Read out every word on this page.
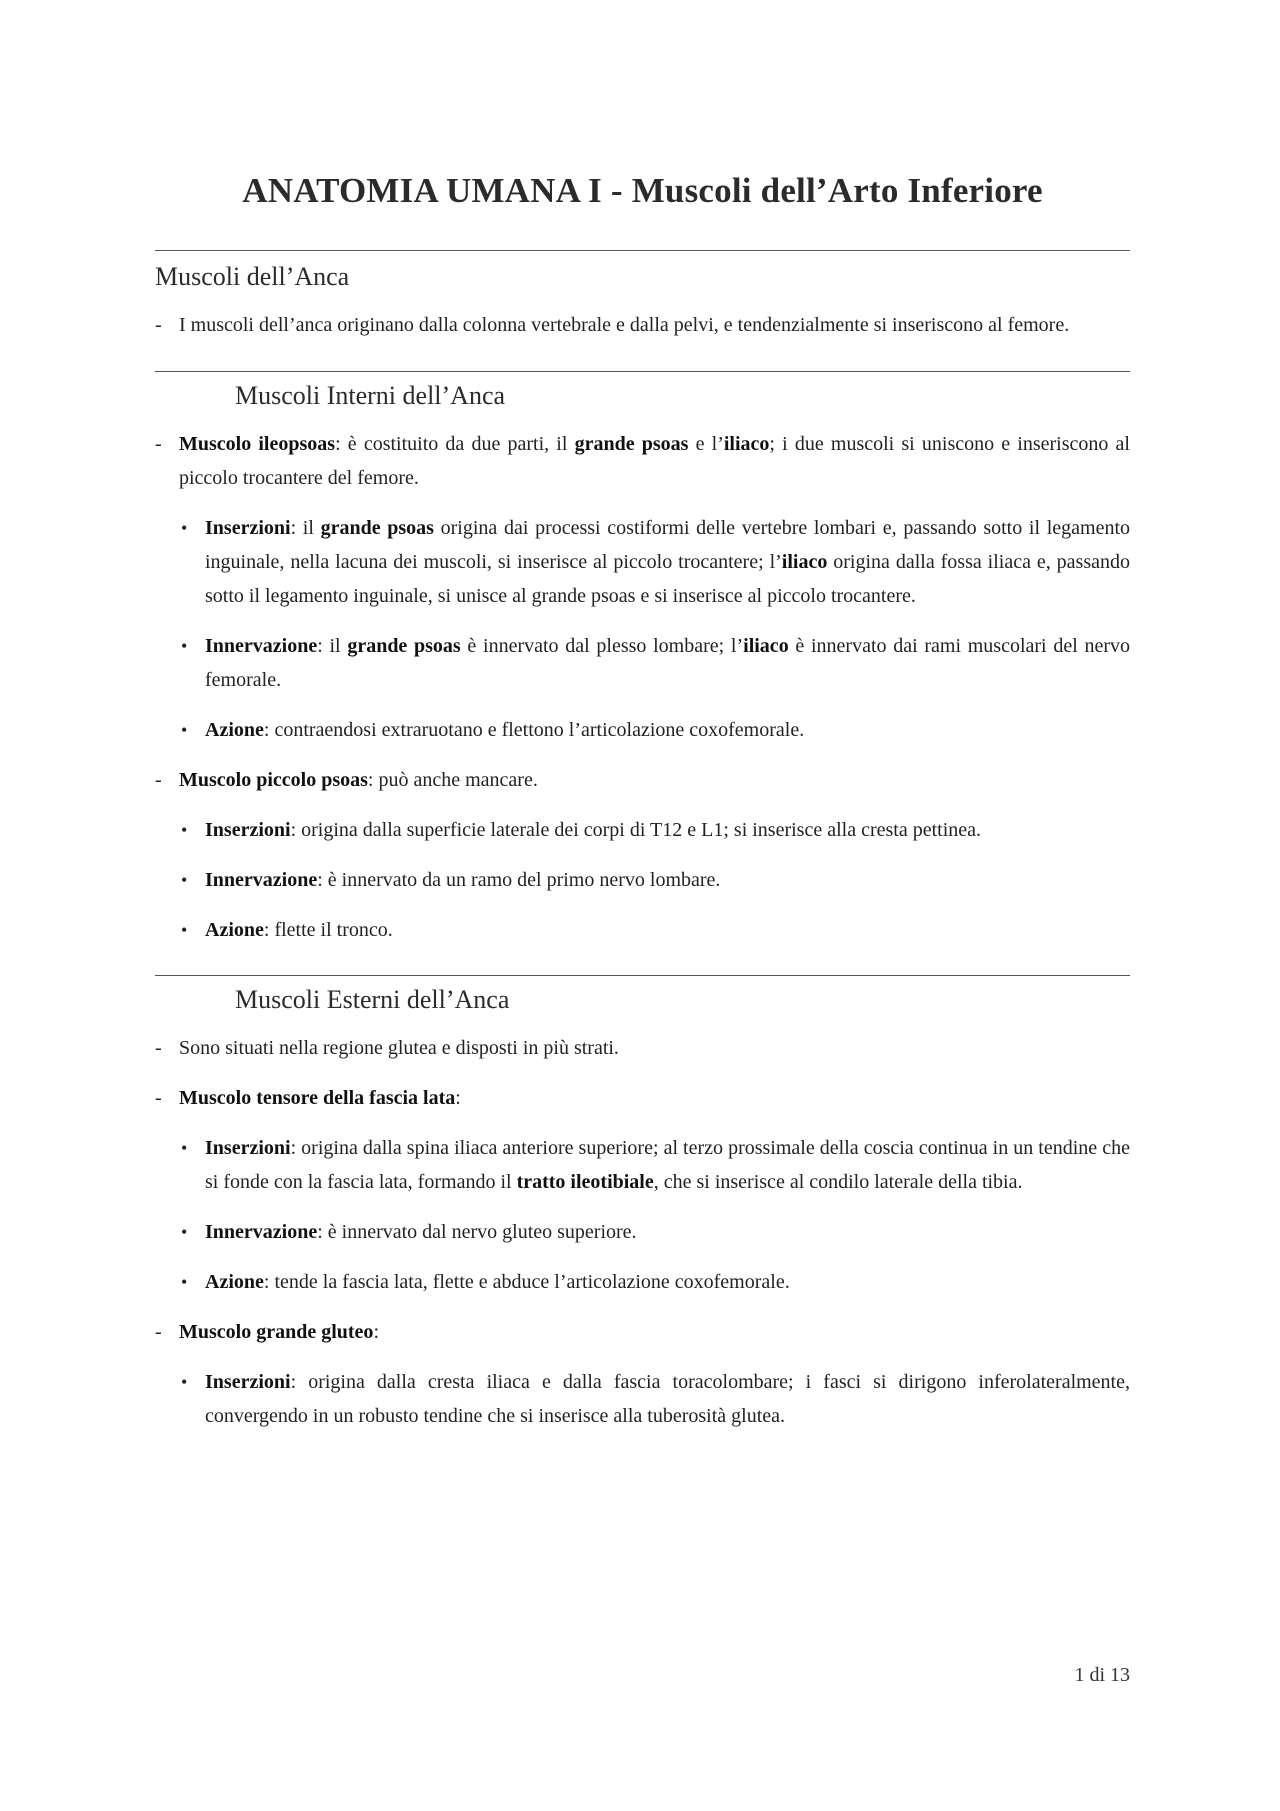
ANATOMIA UMANA I - Muscoli dell’Arto Inferiore
Muscoli dell’Anca
- I muscoli dell’anca originano dalla colonna vertebrale e dalla pelvi, e tendenzialmente si inseriscono al femore.
Muscoli Interni dell’Anca
- Muscolo ileopsoas: è costituito da due parti, il grande psoas e l’iliaco; i due muscoli si uniscono e inseriscono al piccolo trocantere del femore.
• Inserzioni: il grande psoas origina dai processi costiformi delle vertebre lombari e, passando sotto il legamento inguinale, nella lacuna dei muscoli, si inserisce al piccolo trocantere; l’iliaco origina dalla fossa iliaca e, passando sotto il legamento inguinale, si unisce al grande psoas e si inserisce al piccolo trocantere.
• Innervazione: il grande psoas è innervato dal plesso lombare; l’iliaco è innervato dai rami muscolari del nervo femorale.
• Azione: contraendosi extraruotano e flettono l’articolazione coxofemorale.
- Muscolo piccolo psoas: può anche mancare.
• Inserzioni: origina dalla superficie laterale dei corpi di T12 e L1; si inserisce alla cresta pettinea.
• Innervazione: è innervato da un ramo del primo nervo lombare.
• Azione: flette il tronco.
Muscoli Esterni dell’Anca
- Sono situati nella regione glutea e disposti in più strati.
- Muscolo tensore della fascia lata:
• Inserzioni: origina dalla spina iliaca anteriore superiore; al terzo prossimale della coscia continua in un tendine che si fonde con la fascia lata, formando il tratto ileotibiale, che si inserisce al condilo laterale della tibia.
• Innervazione: è innervato dal nervo gluteo superiore.
• Azione: tende la fascia lata, flette e abduce l’articolazione coxofemorale.
- Muscolo grande gluteo:
• Inserzioni: origina dalla cresta iliaca e dalla fascia toracolombare; i fasci si dirigono inferolateralmente, convergendo in un robusto tendine che si inserisce alla tuberosità glutea.
1 di 13
